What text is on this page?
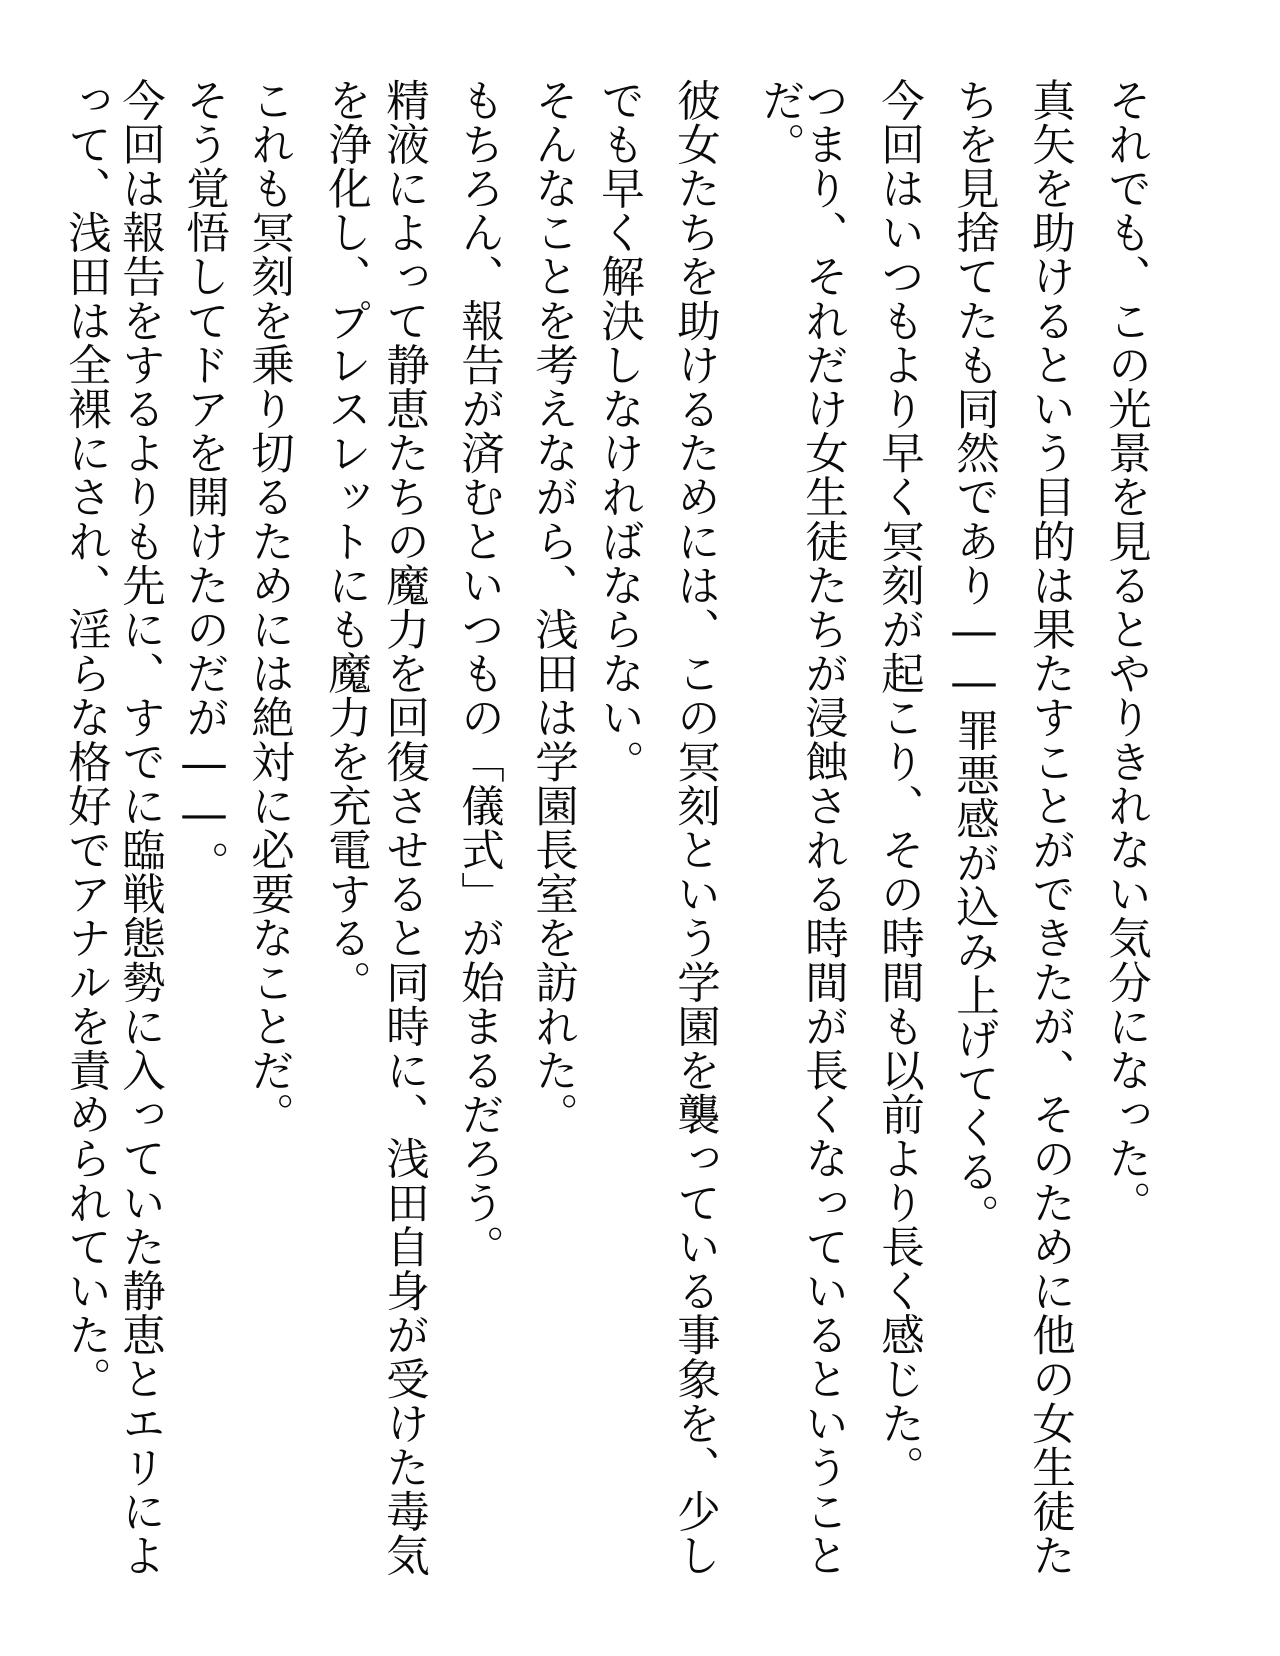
それでも、この光景を見るとやりきれない気分になった。
真矢を助けるという目的は果たすことができたが、そのために他の女生徒た
ちを見捨てたも同然であり――罪悪感が込み上げてくる。
今回はいつもより早く冥刻が起こり、その時間も以前より長く感じた。
つまり、それだけ女生徒たちが浸蝕される時間が長くなっているということ
だ。
彼女たちを助けるためには、この冥刻という学園を襲っている事象を、少し
でも早く解決しなければならない。
そんなことを考えながら、浅田は学園長室を訪れた。
もちろん、報告が済むといつもの「儀式」が始まるだろう。
精液によって静恵たちの魔力を回復させると同時に、浅田自身が受けた毒気
を浄化し、プレスレットにも魔力を充電する。
これも冥刻を乗り切るためには絶対に必要なことだ。
そう覚悟してドアを開けたのだが――。
今回は報告をするよりも先に、すでに臨戦態勢に入っていた静恵とエリによ
って、浅田は全裸にされ、淫らな格好でアナルを責められていた。
